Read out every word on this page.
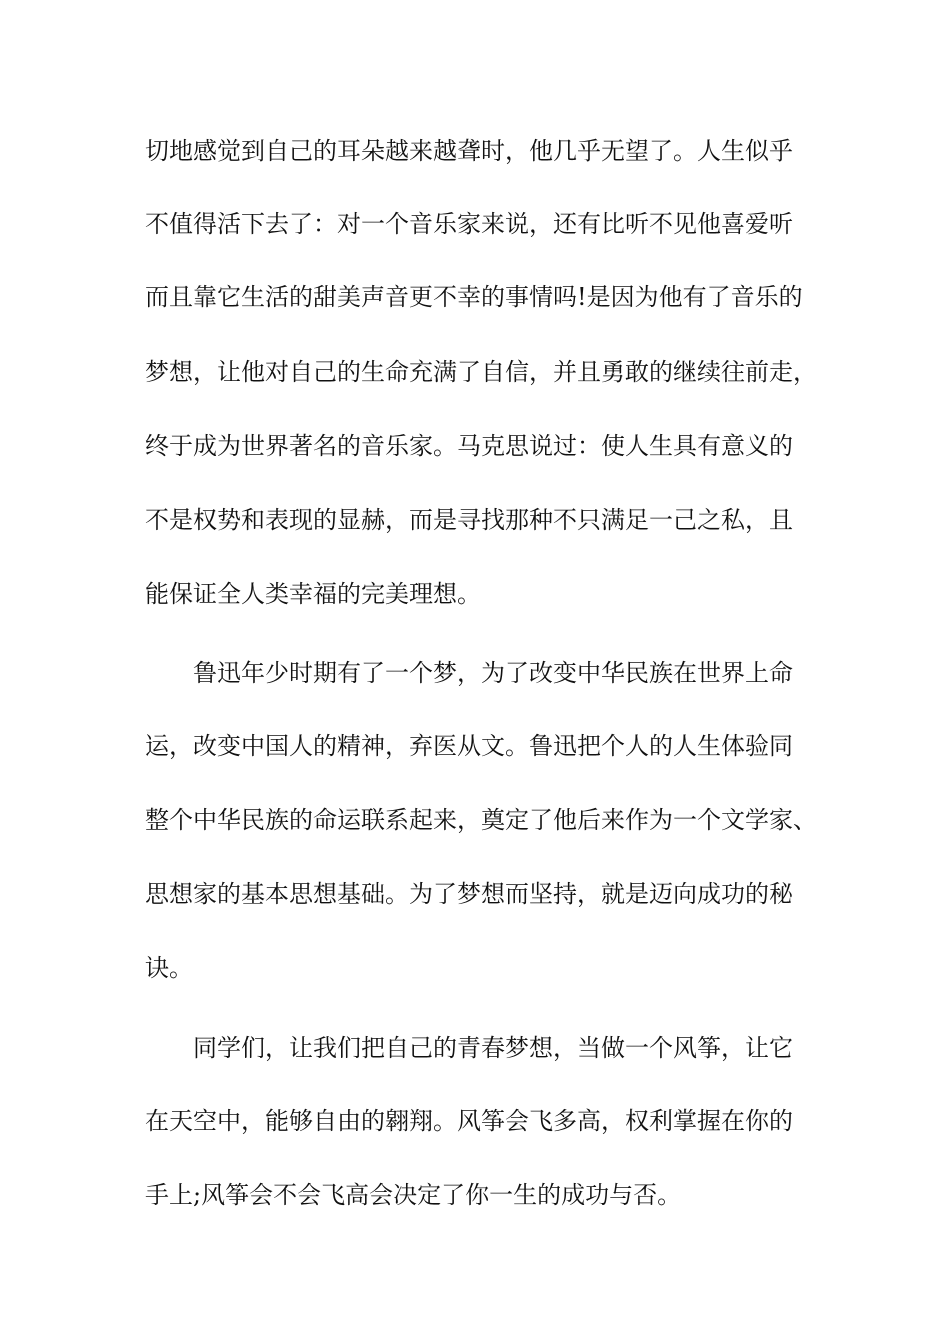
切地感觉到自己的耳朵越来越聋时，他几乎无望了。人生似乎
不值得活下去了：对一个音乐家来说，还有比听不见他喜爱听
而且靠它生活的甜美声音更不幸的事情吗!是因为他有了音乐的
梦想，让他对自己的生命充满了自信，并且勇敢的继续往前走，
终于成为世界著名的音乐家。马克思说过：使人生具有意义的
不是权势和表现的显赫，而是寻找那种不只满足一己之私，且
能保证全人类幸福的完美理想。
鲁迅年少时期有了一个梦，为了改变中华民族在世界上命
运，改变中国人的精神，弃医从文。鲁迅把个人的人生体验同
整个中华民族的命运联系起来，奠定了他后来作为一个文学家、
思想家的基本思想基础。为了梦想而坚持，就是迈向成功的秘
诀。
同学们，让我们把自己的青春梦想，当做一个风筝，让它
在天空中，能够自由的翱翔。风筝会飞多高，权利掌握在你的
手上;风筝会不会飞高会决定了你一生的成功与否。
